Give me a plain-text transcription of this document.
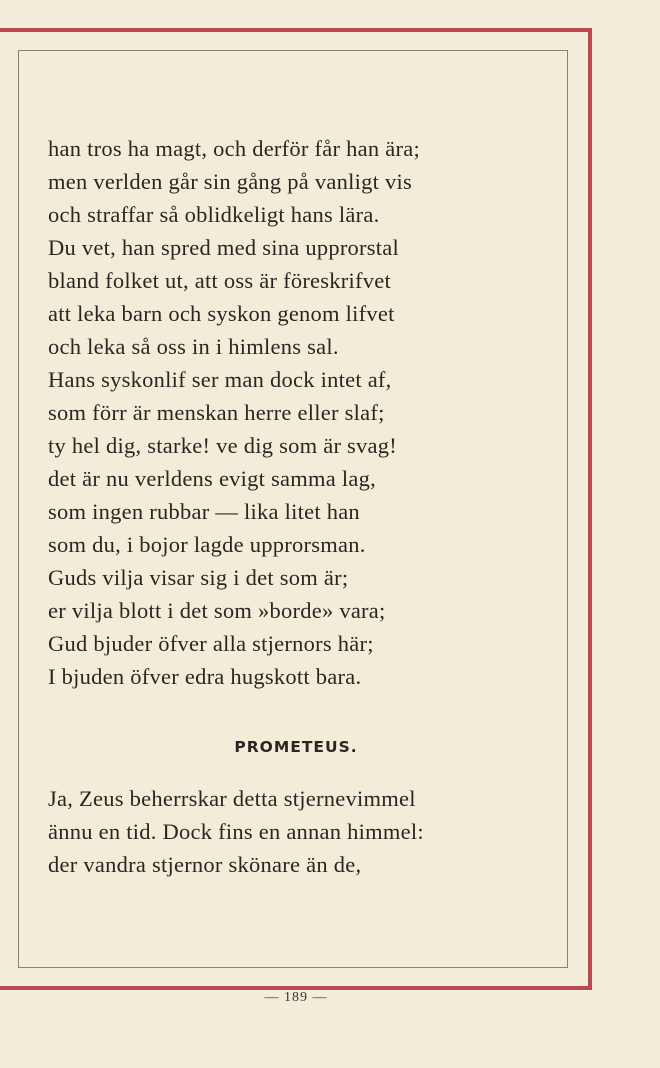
han tros ha magt, och derför får han ära;
men verlden går sin gång på vanligt vis
och straffar så oblidkeligt hans lära.
Du vet, han spred med sina upprorstal
bland folket ut, att oss är föreskrifvet
att leka barn och syskon genom lifvet
och leka så oss in i himlens sal.
Hans syskonlif ser man dock intet af,
som förr är menskan herre eller slaf;
ty hel dig, starke! ve dig som är svag!
det är nu verldens evigt samma lag,
som ingen rubbar — lika litet han
som du, i bojor lagde upprorsman.
Guds vilja visar sig i det som är;
er vilja blott i det som »borde» vara;
Gud bjuder öfver alla stjernors här;
I bjuden öfver edra hugskott bara.
PROMETEUS.
Ja, Zeus beherrskar detta stjernevimmel
ännu en tid. Dock fins en annan himmel:
der vandra stjernor skönare än de,
— 189 —
